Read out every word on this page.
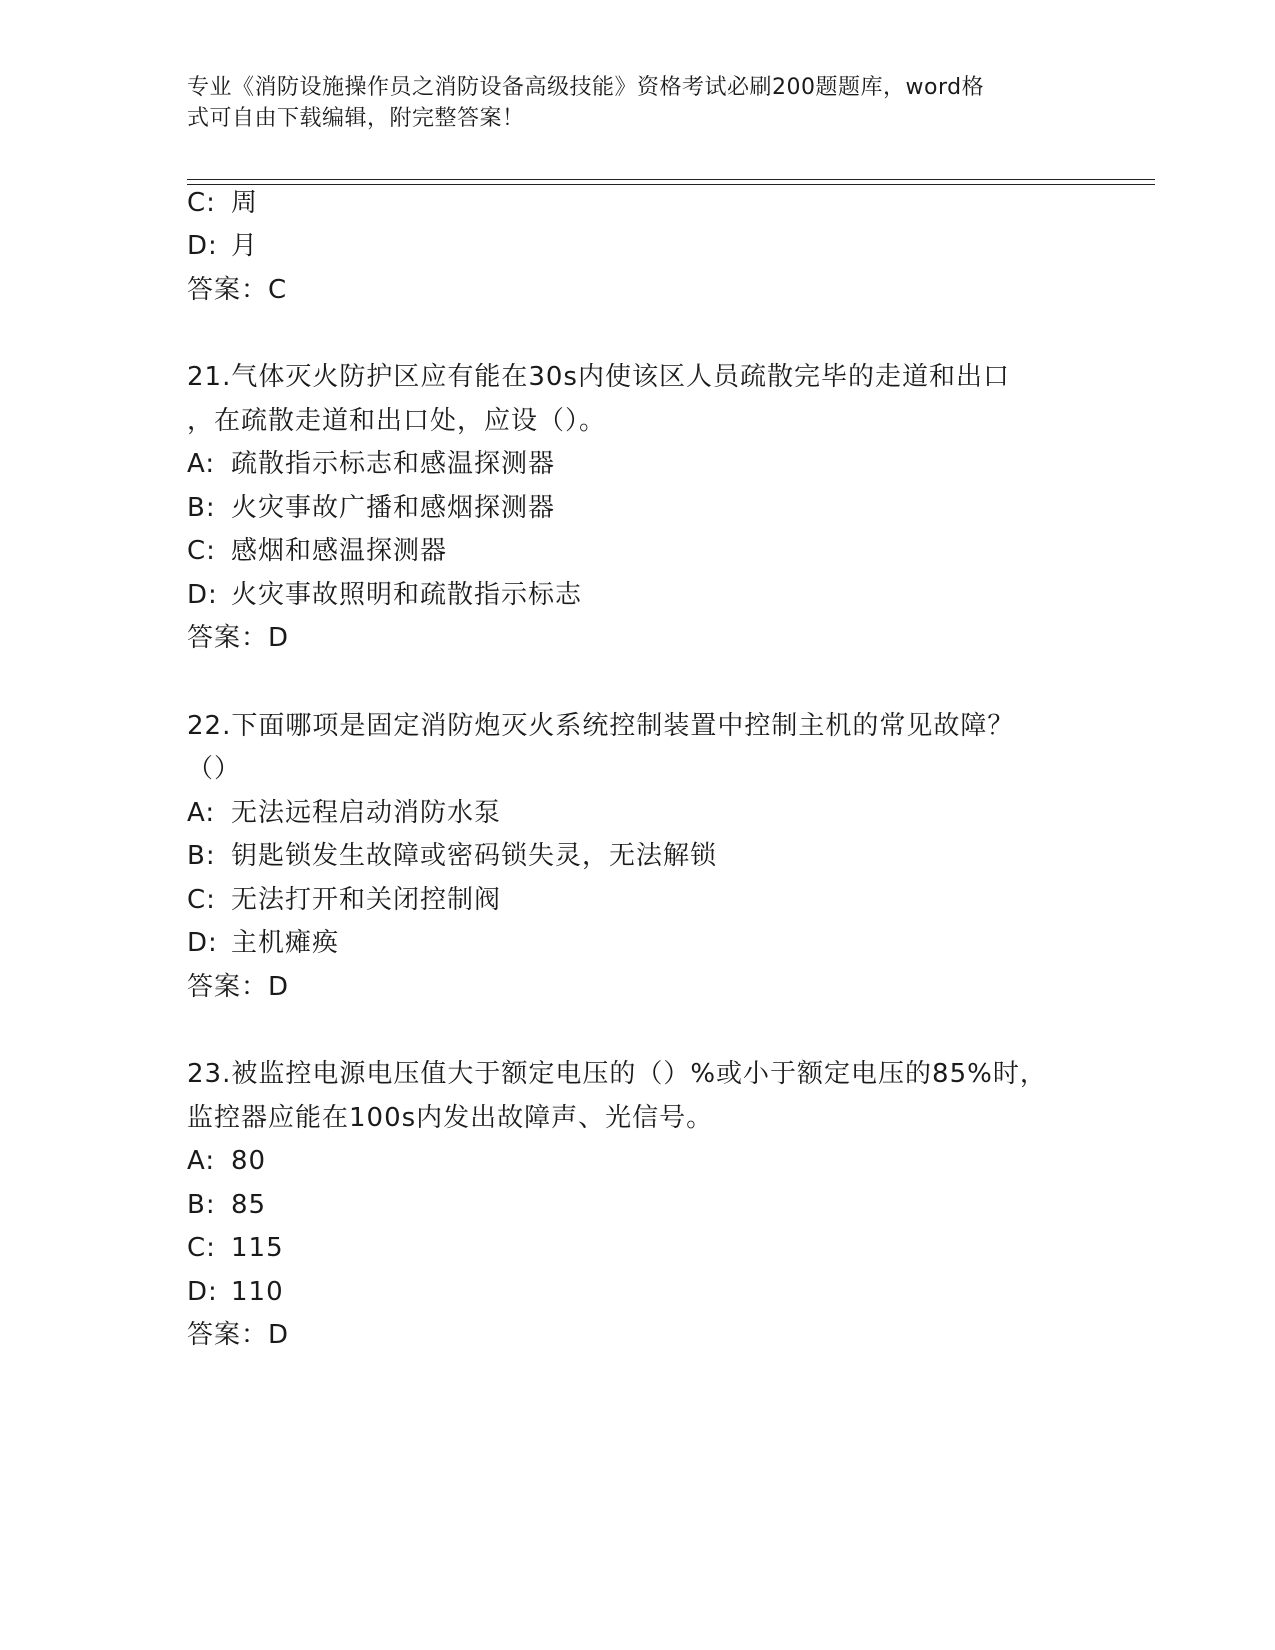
专业《消防设施操作员之消防设备高级技能》资格考试必刷200题题库，word格
式可自由下载编辑，附完整答案！
C: 周
D: 月
答案：C
21.气体灭火防护区应有能在30s内使该区人员疏散完毕的走道和出口
，在疏散走道和出口处，应设（）。
A: 疏散指示标志和感温探测器
B: 火灾事故广播和感烟探测器
C: 感烟和感温探测器
D: 火灾事故照明和疏散指示标志
答案：D
22.下面哪项是固定消防炮灭火系统控制装置中控制主机的常见故障？
（）
A: 无法远程启动消防水泵
B: 钥匙锁发生故障或密码锁失灵，无法解锁
C: 无法打开和关闭控制阀
D: 主机瘫痪
答案：D
23.被监控电源电压值大于额定电压的（）%或小于额定电压的85%时，
监控器应能在100s内发出故障声、光信号。
A: 80
B: 85
C: 115
D: 110
答案：D
